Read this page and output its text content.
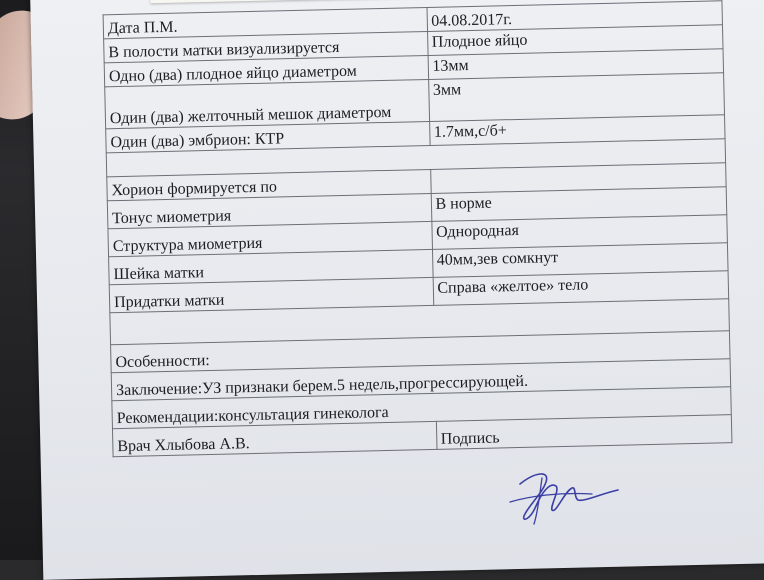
Дата П.М.	04.08.2017г.
В полости матки визуализируется	Плодное яйцо
Одно (два) плодное яйцо диаметром	13мм
Один (два) желточный мешок диаметром	3мм
Один (два) эмбрион: КТР	1.7мм,с/б+

Хорион формируется по	
Тонус миометрия	В норме
Структура миометрия	Однородная
Шейка матки	40мм,зев сомкнут
Придатки матки	Справа «желтое» тело

Особенности:	
Заключение:УЗ признаки берем.5 недель,прогрессирующей.	
Рекомендации:консультация гинеколога	
Врач Хлыбова А.В.	Подпись
